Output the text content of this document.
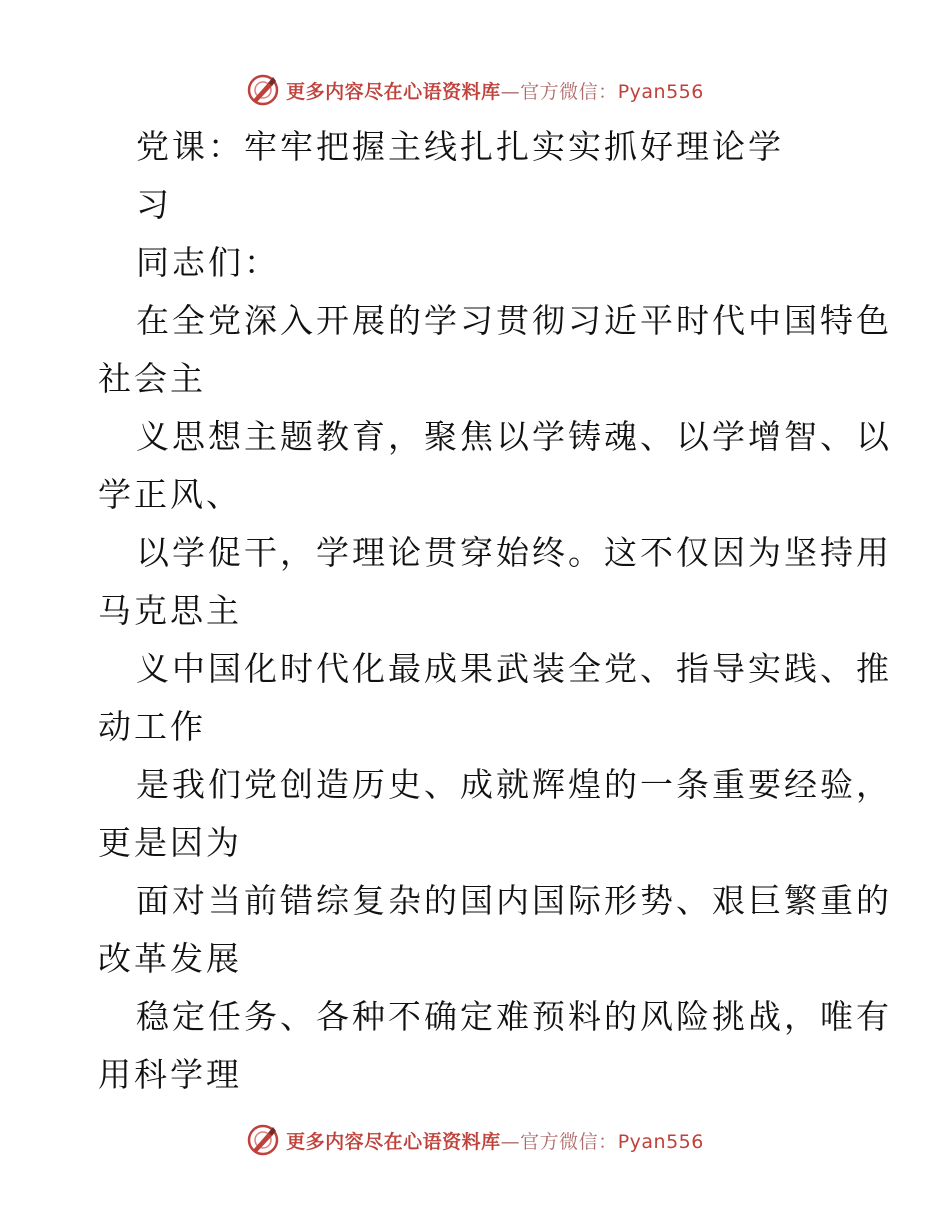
更多内容尽在心语资料库—官方微信：Pyan556
党课：牢牢把握主线扎扎实实抓好理论学
习
同志们：
在全党深入开展的学习贯彻习近平时代中国特色
社会主
义思想主题教育，聚焦以学铸魂、以学增智、以
学正风、
以学促干，学理论贯穿始终。这不仅因为坚持用
马克思主
义中国化时代化最成果武装全党、指导实践、推
动工作
是我们党创造历史、成就辉煌的一条重要经验，
更是因为
面对当前错综复杂的国内国际形势、艰巨繁重的
改革发展
稳定任务、各种不确定难预料的风险挑战，唯有
用科学理
更多内容尽在心语资料库—官方微信：Pyan556
